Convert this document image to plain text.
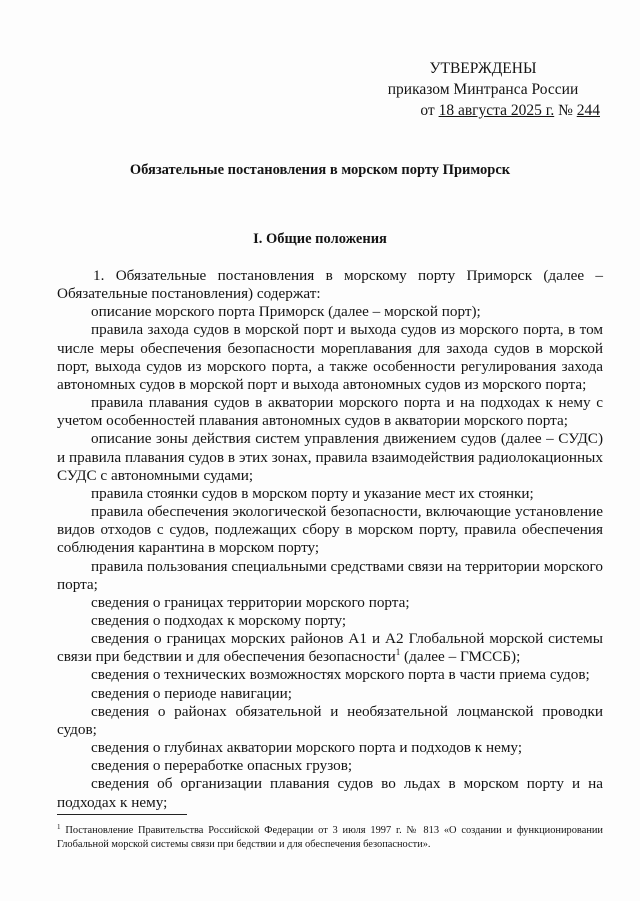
УТВЕРЖДЕНЫ
приказом Минтранса России
от 18 августа 2025 г. № 244
Обязательные постановления в морском порту Приморск
I. Общие положения

1. Обязательные постановления в морскому порту Приморск (далее – Обязательные постановления) содержат:

описание морского порта Приморск (далее – морской порт);

правила захода судов в морской порт и выхода судов из морского порта, в том числе меры обеспечения безопасности мореплавания для захода судов в морской порт, выхода судов из морского порта, а также особенности регулирования захода автономных судов в морской порт и выхода автономных судов из морского порта;

правила плавания судов в акватории морского порта и на подходах к нему с учетом особенностей плавания автономных судов в акватории морского порта;

описание зоны действия систем управления движением судов (далее – СУДС) и правила плавания судов в этих зонах, правила взаимодействия радиолокационных СУДС с автономными судами;

правила стоянки судов в морском порту и указание мест их стоянки;

правила обеспечения экологической безопасности, включающие установление видов отходов с судов, подлежащих сбору в морском порту, правила обеспечения соблюдения карантина в морском порту;

правила пользования специальными средствами связи на территории морского порта;

сведения о границах территории морского порта;

сведения о подходах к морскому порту;

сведения о границах морских районов А1 и А2 Глобальной морской системы связи при бедствии и для обеспечения безопасности$^1$ (далее – ГМССБ);

сведения о технических возможностях морского порта в части приема судов;

сведения о периоде навигации;

сведения о районах обязательной и необязательной лоцманской проводки судов;

сведения о глубинах акватории морского порта и подходов к нему;

сведения о переработке опасных грузов;

сведения об организации плавания судов во льдах в морском порту и на подходах к нему;

$^1$ Постановление Правительства Российской Федерации от 3 июля 1997 г. № 813 «О создании и функционировании Глобальной морской системы связи при бедствии и для обеспечения безопасности».
